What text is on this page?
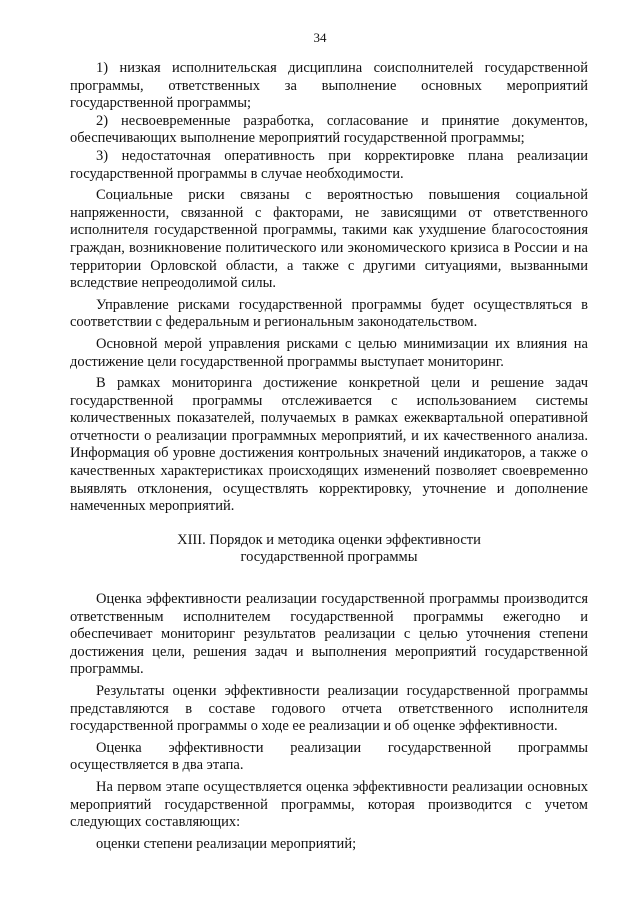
34

1) низкая исполнительская дисциплина соисполнителей государственной программы, ответственных за выполнение основных мероприятий государственной программы;

2) несвоевременные разработка, согласование и принятие документов, обеспечивающих выполнение мероприятий государственной программы;

3) недостаточная оперативность при корректировке плана реализации государственной программы в случае необходимости.

Социальные риски связаны с вероятностью повышения социальной напряженности, связанной с факторами, не зависящими от ответственного исполнителя государственной программы, такими как ухудшение благосостояния граждан, возникновение политического или экономического кризиса в России и на территории Орловской области, а также с другими ситуациями, вызванными вследствие непреодолимой силы.

Управление рисками государственной программы будет осуществляться в соответствии с федеральным и региональным законодательством.

Основной мерой управления рисками с целью минимизации их влияния на достижение цели государственной программы выступает мониторинг.

В рамках мониторинга достижение конкретной цели и решение задач государственной программы отслеживается с использованием системы количественных показателей, получаемых в рамках ежеквартальной оперативной отчетности о реализации программных мероприятий, и их качественного анализа. Информация об уровне достижения контрольных значений индикаторов, а также о качественных характеристиках происходящих изменений позволяет своевременно выявлять отклонения, осуществлять корректировку, уточнение и дополнение намеченных мероприятий.

XIII. Порядок и методика оценки эффективности
государственной программы

Оценка эффективности реализации государственной программы производится ответственным исполнителем государственной программы ежегодно и обеспечивает мониторинг результатов реализации с целью уточнения степени достижения цели, решения задач и выполнения мероприятий государственной программы.

Результаты оценки эффективности реализации государственной программы представляются в составе годового отчета ответственного исполнителя государственной программы о ходе ее реализации и об оценке эффективности.

Оценка эффективности реализации государственной программы осуществляется в два этапа.

На первом этапе осуществляется оценка эффективности реализации основных мероприятий государственной программы, которая производится с учетом следующих составляющих:

оценки степени реализации мероприятий;
